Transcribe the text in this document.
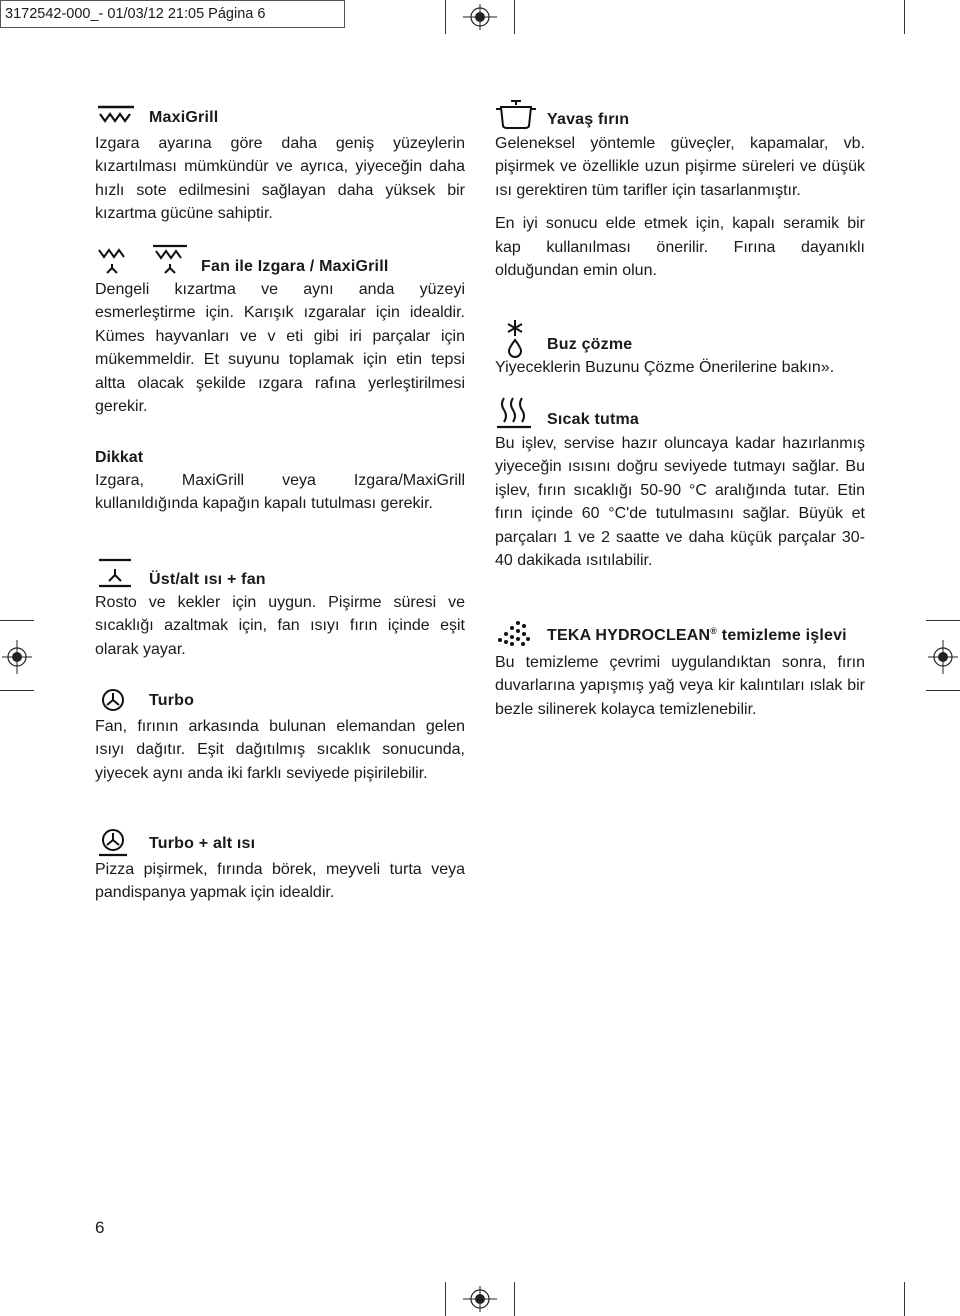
3172542-000_- 01/03/12 21:05 Página 6
MaxiGrill

Izgara ayarına göre daha geniş yüzeylerin kızartılması mümkündür ve ayrıca, yiyeceğin daha hızlı sote edilmesini sağlayan daha yüksek bir kızartma gücüne sahiptir.

Fan ile Izgara / MaxiGrill

Dengeli kızartma ve aynı anda yüzeyi esmerleştirme için. Karışık ızgaralar için idealdir. Kümes hayvanları ve v eti gibi iri parçalar için mükemmeldir. Et suyunu toplamak için etin tepsi altta olacak şekilde ızgara rafına yerleştirilmesi gerekir.

Dikkat

Izgara, MaxiGrill veya Izgara/MaxiGrill kullanıldığında kapağın kapalı tutulması gerekir.

Üst/alt ısı + fan

Rosto ve kekler için uygun. Pişirme süresi ve sıcaklığı azaltmak için, fan ısıyı fırın içinde eşit olarak yayar.

Turbo

Fan, fırının arkasında bulunan elemandan gelen ısıyı dağıtır. Eşit dağıtılmış sıcaklık sonucunda, yiyecek aynı anda iki farklı seviyede pişirilebilir.

Turbo + alt ısı

Pizza pişirmek, fırında börek, meyveli turta veya pandispanya yapmak için idealdir.

Yavaş fırın

Geleneksel yöntemle güveçler, kapamalar, vb. pişirmek ve özellikle uzun pişirme süreleri ve düşük ısı gerektiren tüm tarifler için tasarlanmıştır.

En iyi sonucu elde etmek için, kapalı seramik bir kap kullanılması önerilir. Fırına dayanıklı olduğundan emin olun.

Buz çözme

Yiyeceklerin Buzunu Çözme Önerilerine bakın».

Sıcak tutma

Bu işlev, servise hazır oluncaya kadar hazırlanmış yiyeceğin ısısını doğru seviyede tutmayı sağlar. Bu işlev, fırın sıcaklığı 50-90 °C aralığında tutar. Etin fırın içinde 60 °C'de tutulmasını sağlar. Büyük et parçaları 1 ve 2 saatte ve daha küçük parçalar 30-40 dakikada ısıtılabilir.

TEKA HYDROCLEAN® temizleme işlevi

Bu temizleme çevrimi uygulandıktan sonra, fırın duvarlarına yapışmış yağ veya kir kalıntıları ıslak bir bezle silinerek kolayca temizlenebilir.

6
